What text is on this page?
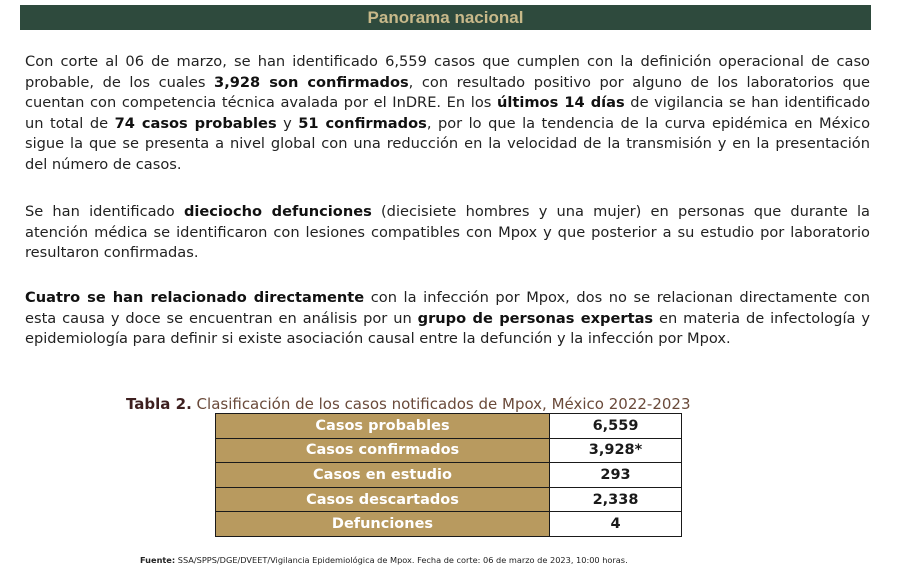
Panorama nacional

Con corte al 06 de marzo, se han identificado 6,559 casos que cumplen con la definición operacional de caso probable, de los cuales 3,928 son confirmados, con resultado positivo por alguno de los laboratorios que cuentan con competencia técnica avalada por el InDRE. En los últimos 14 días de vigilancia se han identificado un total de 74 casos probables y 51 confirmados, por lo que la tendencia de la curva epidémica en México sigue la que se presenta a nivel global con una reducción en la velocidad de la transmisión y en la presentación del número de casos.

Se han identificado dieciocho defunciones (diecisiete hombres y una mujer) en personas que durante la atención médica se identificaron con lesiones compatibles con Mpox y que posterior a su estudio por laboratorio resultaron confirmadas.

Cuatro se han relacionado directamente con la infección por Mpox, dos no se relacionan directamente con esta causa y doce se encuentran en análisis por un grupo de personas expertas en materia de infectología y epidemiología para definir si existe asociación causal entre la defunción y la infección por Mpox.

Tabla 2. Clasificación de los casos notificados de Mpox, México 2022-2023
Casos probables	6,559
Casos confirmados	3,928*
Casos en estudio	293
Casos descartados	2,338
Defunciones	4
Fuente: SSA/SPPS/DGE/DVEET/Vigilancia Epidemiológica de Mpox. Fecha de corte: 06 de marzo de 2023, 10:00 horas.
